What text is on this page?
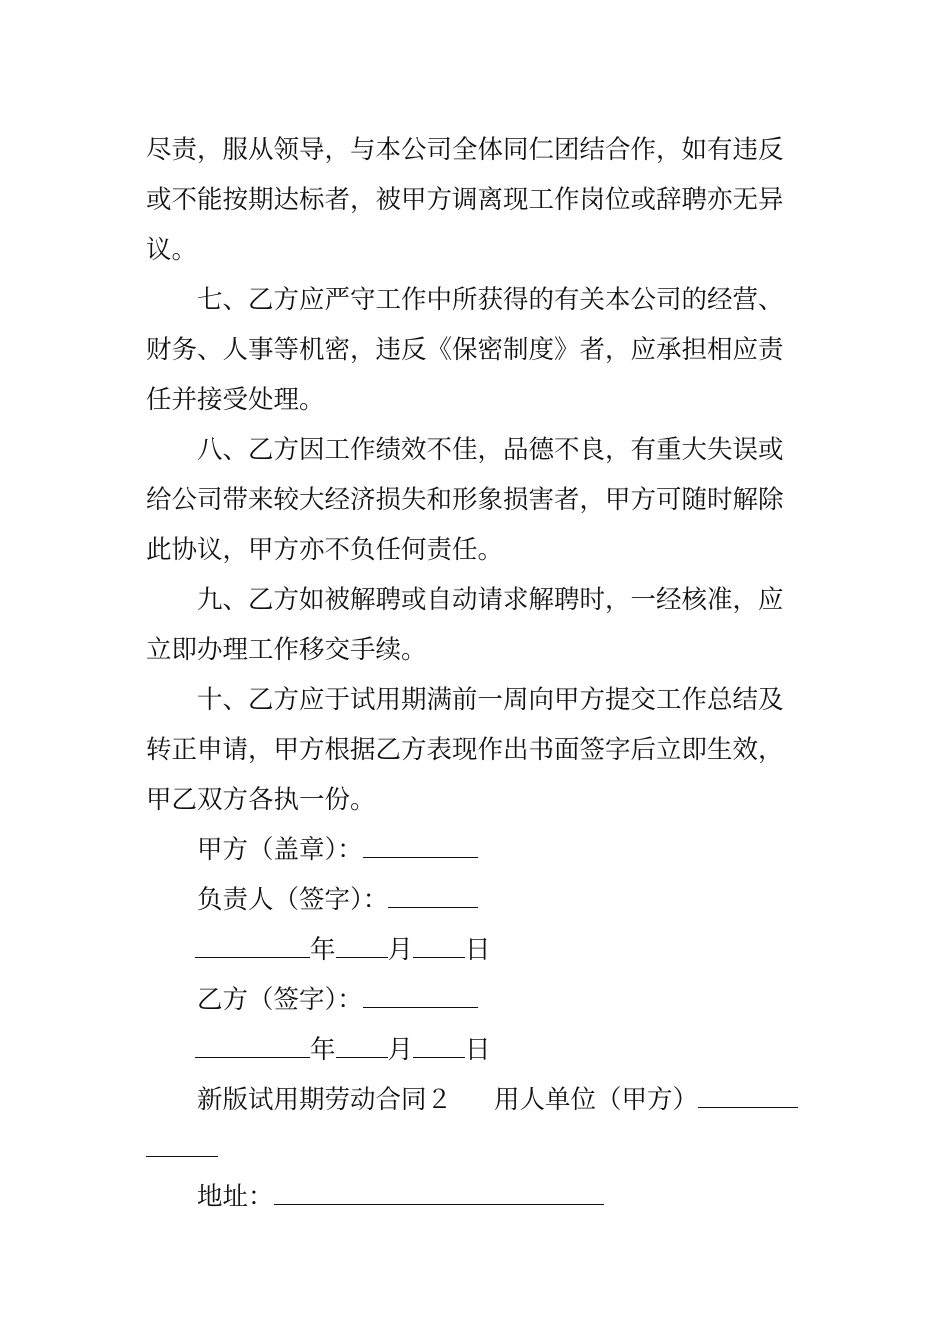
尽责，服从领导，与本公司全体同仁团结合作，如有违反
或不能按期达标者，被甲方调离现工作岗位或辞聘亦无异
议。
七、乙方应严守工作中所获得的有关本公司的经营、
财务、人事等机密，违反《保密制度》者，应承担相应责
任并接受处理。
八、乙方因工作绩效不佳，品德不良，有重大失误或
给公司带来较大经济损失和形象损害者，甲方可随时解除
此协议，甲方亦不负任何责任。
九、乙方如被解聘或自动请求解聘时，一经核准，应
立即办理工作移交手续。
十、乙方应于试用期满前一周向甲方提交工作总结及
转正申请，甲方根据乙方表现作出书面签字后立即生效，
甲乙双方各执一份。
甲方（盖章）：
负责人（签字）：
年 月 日
乙方（签字）：
年 月 日
新版试用期劳动合同２ 用人单位（甲方）
地址：
